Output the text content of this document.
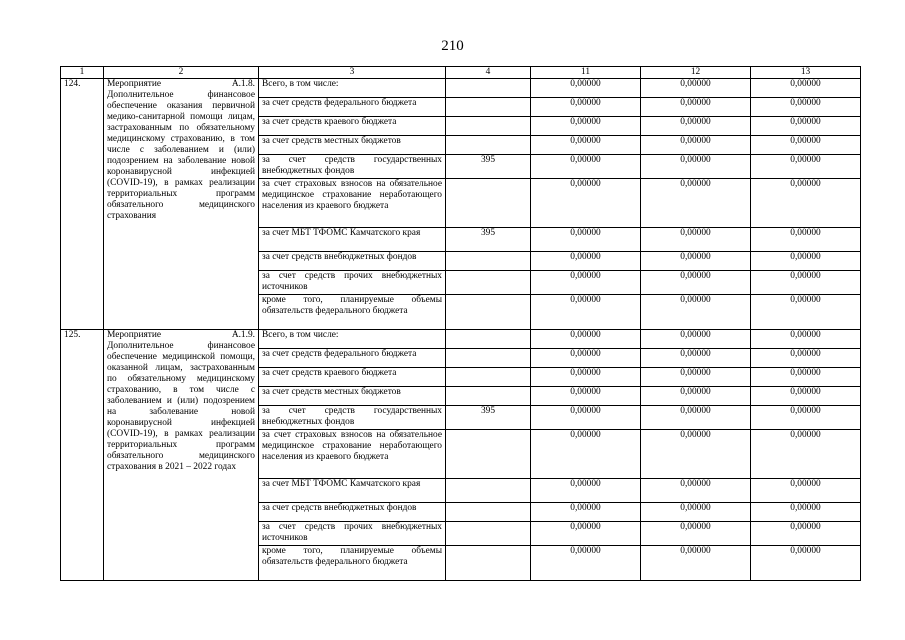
210
1	2	3	4	11	12	13
124.	Мероприятие А.1.8. Дополнительное финансовое обеспечение оказания первичной медико-санитарной помощи лицам, застрахованным по обязательному медицинскому страхованию, в том числе с заболеванием и (или) подозрением на заболевание новой коронавирусной инфекцией (COVID-19), в рамках реализации территориальных программ обязательного медицинского страхования	Всего, в том числе:		0,00000	0,00000	0,00000
		за счет средств федерального бюджета		0,00000	0,00000	0,00000
		за счет средств краевого бюджета		0,00000	0,00000	0,00000
		за счет средств местных бюджетов		0,00000	0,00000	0,00000
		за счет средств государственных внебюджетных фондов	395	0,00000	0,00000	0,00000
		за счет страховых взносов на обязательное медицинское страхование неработающего населения из краевого бюджета		0,00000	0,00000	0,00000
		за счет МБТ ТФОМС Камчатского края	395	0,00000	0,00000	0,00000
		за счет средств внебюджетных фондов		0,00000	0,00000	0,00000
		за счет средств прочих внебюджетных источников		0,00000	0,00000	0,00000
		кроме того, планируемые объемы обязательств федерального бюджета		0,00000	0,00000	0,00000
125.	Мероприятие А.1.9. Дополнительное финансовое обеспечение медицинской помощи, оказанной лицам, застрахованным по обязательному медицинскому страхованию, в том числе с заболеванием и (или) подозрением на заболевание новой коронавирусной инфекцией (COVID-19), в рамках реализации территориальных программ обязательного медицинского страхования в 2021 – 2022 годах	Всего, в том числе:		0,00000	0,00000	0,00000
		за счет средств федерального бюджета		0,00000	0,00000	0,00000
		за счет средств краевого бюджета		0,00000	0,00000	0,00000
		за счет средств местных бюджетов		0,00000	0,00000	0,00000
		за счет средств государственных внебюджетных фондов	395	0,00000	0,00000	0,00000
		за счет страховых взносов на обязательное медицинское страхование неработающего населения из краевого бюджета		0,00000	0,00000	0,00000
		за счет МБТ ТФОМС Камчатского края		0,00000	0,00000	0,00000
		за счет средств внебюджетных фондов		0,00000	0,00000	0,00000
		за счет средств прочих внебюджетных источников		0,00000	0,00000	0,00000
		кроме того, планируемые объемы обязательств федерального бюджета		0,00000	0,00000	0,00000
